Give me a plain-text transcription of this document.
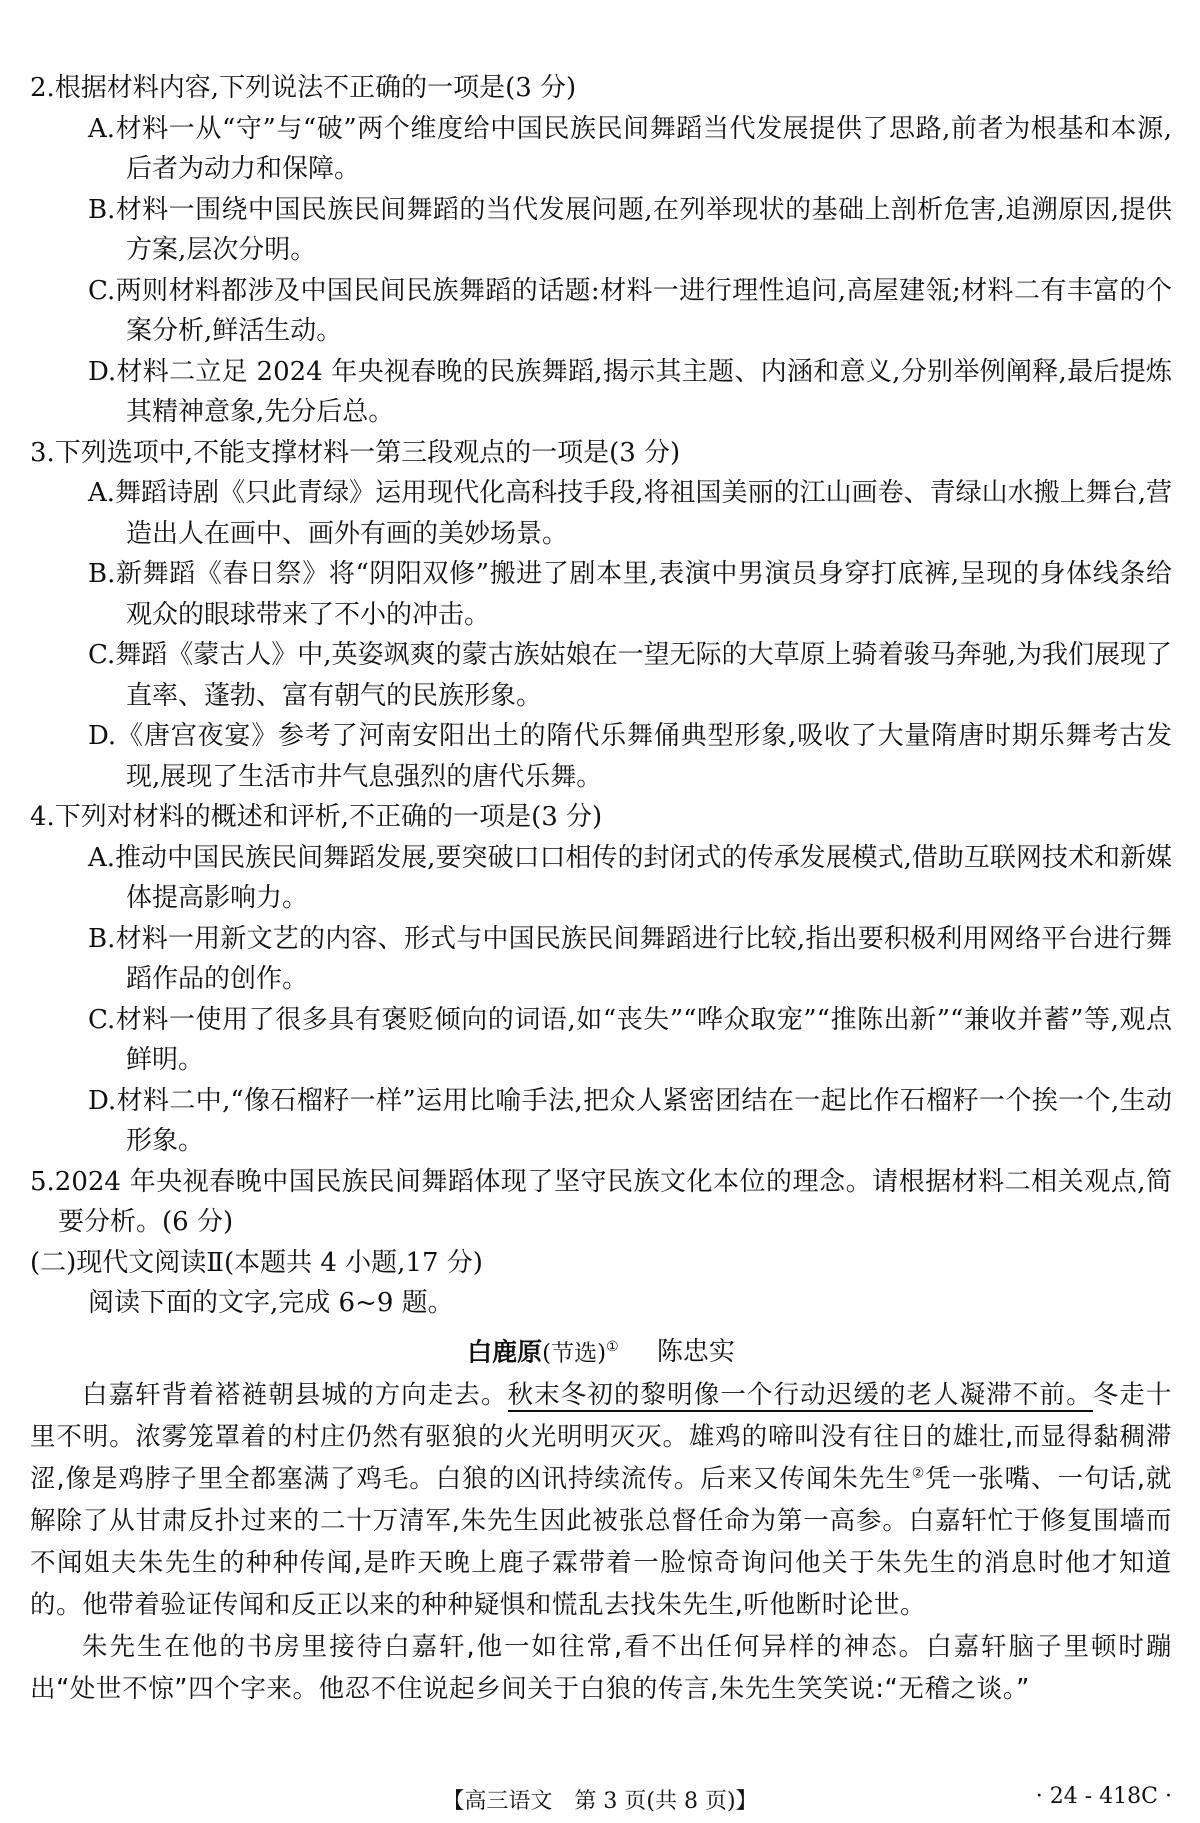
2.根据材料内容,下列说法不正确的一项是(3 分)

A.材料一从“守”与“破”两个维度给中国民族民间舞蹈当代发展提供了思路,前者为根基和本源,后者为动力和保障。

B.材料一围绕中国民族民间舞蹈的当代发展问题,在列举现状的基础上剖析危害,追溯原因,提供方案,层次分明。

C.两则材料都涉及中国民间民族舞蹈的话题:材料一进行理性追问,高屋建瓴;材料二有丰富的个案分析,鲜活生动。

D.材料二立足 2024 年央视春晚的民族舞蹈,揭示其主题、内涵和意义,分别举例阐释,最后提炼其精神意象,先分后总。

3.下列选项中,不能支撑材料一第三段观点的一项是(3 分)

A.舞蹈诗剧《只此青绿》运用现代化高科技手段,将祖国美丽的江山画卷、青绿山水搬上舞台,营造出人在画中、画外有画的美妙场景。

B.新舞蹈《春日祭》将“阴阳双修”搬进了剧本里,表演中男演员身穿打底裤,呈现的身体线条给观众的眼球带来了不小的冲击。

C.舞蹈《蒙古人》中,英姿飒爽的蒙古族姑娘在一望无际的大草原上骑着骏马奔驰,为我们展现了直率、蓬勃、富有朝气的民族形象。

D.《唐宫夜宴》参考了河南安阳出土的隋代乐舞俑典型形象,吸收了大量隋唐时期乐舞考古发现,展现了生活市井气息强烈的唐代乐舞。

4.下列对材料的概述和评析,不正确的一项是(3 分)

A.推动中国民族民间舞蹈发展,要突破口口相传的封闭式的传承发展模式,借助互联网技术和新媒体提高影响力。

B.材料一用新文艺的内容、形式与中国民族民间舞蹈进行比较,指出要积极利用网络平台进行舞蹈作品的创作。

C.材料一使用了很多具有褒贬倾向的词语,如“丧失”“哗众取宠”“推陈出新”“兼收并蓄”等,观点鲜明。

D.材料二中,“像石榴籽一样”运用比喻手法,把众人紧密团结在一起比作石榴籽一个挨一个,生动形象。

5.2024 年央视春晚中国民族民间舞蹈体现了坚守民族文化本位的理念。请根据材料二相关观点,简要分析。(6 分)

(二)现代文阅读Ⅱ(本题共 4 小题,17 分)

阅读下面的文字,完成 6~9 题。

白鹿原(节选)① 陈忠实

白嘉轩背着褡裢朝县城的方向走去。秋末冬初的黎明像一个行动迟缓的老人凝滞不前。冬走十里不明。浓雾笼罩着的村庄仍然有驱狼的火光明明灭灭。雄鸡的啼叫没有往日的雄壮,而显得黏稠滞涩,像是鸡脖子里全都塞满了鸡毛。白狼的凶讯持续流传。后来又传闻朱先生②凭一张嘴、一句话,就解除了从甘肃反扑过来的二十万清军,朱先生因此被张总督任命为第一高参。白嘉轩忙于修复围墙而不闻姐夫朱先生的种种传闻,是昨天晚上鹿子霖带着一脸惊奇询问他关于朱先生的消息时他才知道的。他带着验证传闻和反正以来的种种疑惧和慌乱去找朱先生,听他断时论世。

朱先生在他的书房里接待白嘉轩,他一如往常,看不出任何异样的神态。白嘉轩脑子里顿时蹦出“处世不惊”四个字来。他忍不住说起乡间关于白狼的传言,朱先生笑笑说:“无稽之谈。”

【高三语文　第 3 页(共 8 页)】	· 24 - 418C ·
